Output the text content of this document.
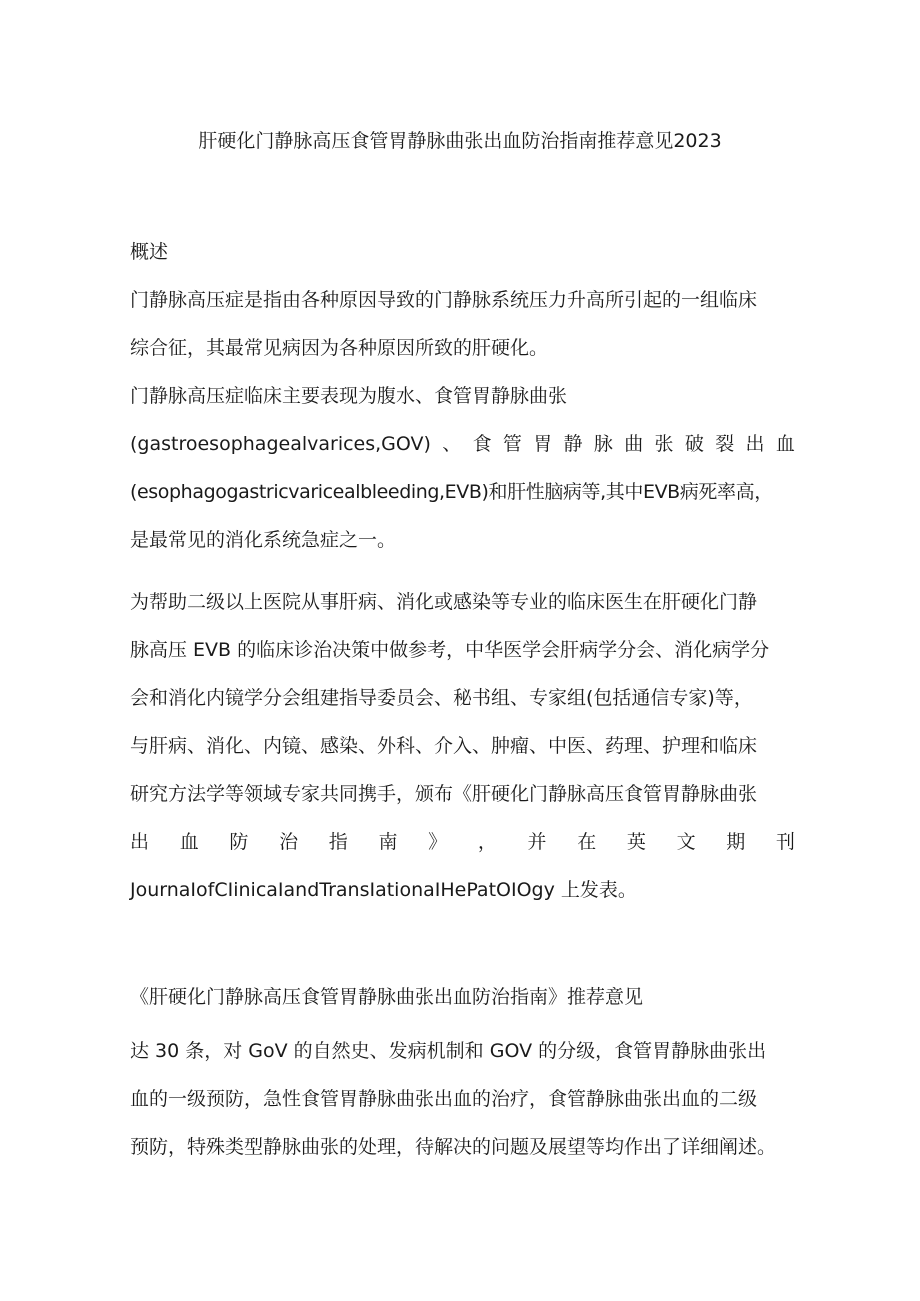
肝硬化门静脉高压食管胃静脉曲张出血防治指南推荐意见2023
概述
门静脉高压症是指由各种原因导致的门静脉系统压力升高所引起的一组临床
综合征，其最常见病因为各种原因所致的肝硬化。
门静脉高压症临床主要表现为腹水、食管胃静脉曲张
(gastroesophagealvarices,GOV) 、 食 管 胃 静 脉 曲 张 破 裂 出 血
(esophagogastricvaricealbleeding,EVB)和肝性脑病等,其中EVB病死率高，
是最常见的消化系统急症之一。
为帮助二级以上医院从事肝病、消化或感染等专业的临床医生在肝硬化门静
脉高压 EVB 的临床诊治决策中做参考，中华医学会肝病学分会、消化病学分
会和消化内镜学分会组建指导委员会、秘书组、专家组(包括通信专家)等，
与肝病、消化、内镜、感染、外科、介入、肿瘤、中医、药理、护理和临床
研究方法学等领域专家共同携手，颁布《肝硬化门静脉高压食管胃静脉曲张
出 血 防 治 指 南 》 ， 并 在 英 文 期 刊
JournaIofCIinicaIandTransIationaIHePatOIOgy 上发表。
《肝硬化门静脉高压食管胃静脉曲张出血防治指南》推荐意见
达 30 条，对 GoV 的自然史、发病机制和 GOV 的分级，食管胃静脉曲张出
血的一级预防，急性食管胃静脉曲张出血的治疗，食管静脉曲张出血的二级
预防，特殊类型静脉曲张的处理，待解决的问题及展望等均作出了详细阐述。
